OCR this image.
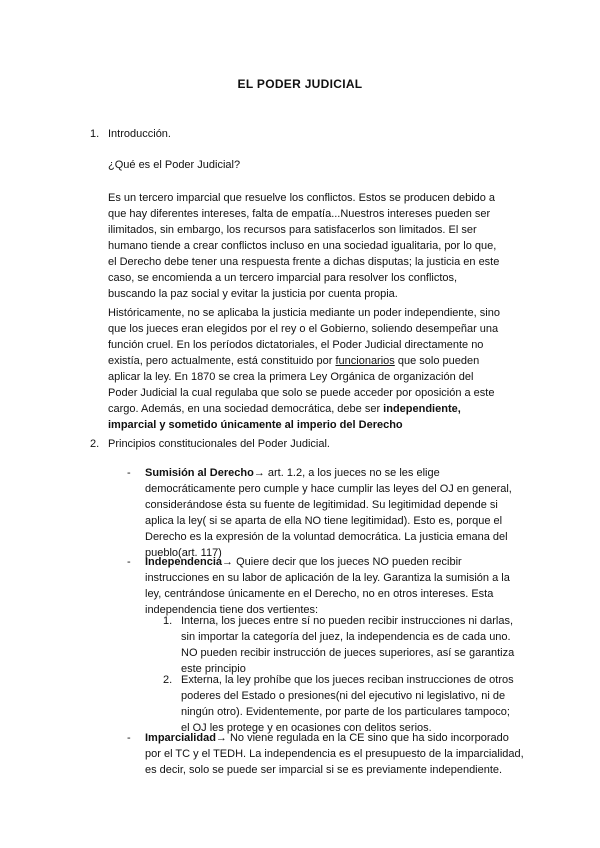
EL PODER JUDICIAL
1. Introducción.
¿Qué es el Poder Judicial?

Es un tercero imparcial que resuelve los conflictos. Estos se producen debido a que hay diferentes intereses, falta de empatía...Nuestros intereses pueden ser ilimitados, sin embargo, los recursos para satisfacerlos son limitados. El ser humano tiende a crear conflictos incluso en una sociedad igualitaria, por lo que, el Derecho debe tener una respuesta frente a dichas disputas; la justicia en este caso, se encomienda a un tercero imparcial para resolver los conflictos, buscando la paz social y evitar la justicia por cuenta propia.

Históricamente, no se aplicaba la justicia mediante un poder independiente, sino que los jueces eran elegidos por el rey o el Gobierno, soliendo desempeñar una función cruel. En los períodos dictatoriales, el Poder Judicial directamente no existía, pero actualmente, está constituido por funcionarios que solo pueden aplicar la ley. En 1870 se crea la primera Ley Orgánica de organización del Poder Judicial la cual regulaba que solo se puede acceder por oposición a este cargo. Además, en una sociedad democrática, debe ser independiente, imparcial y sometido únicamente al imperio del Derecho

2. Principios constitucionales del Poder Judicial.
- Sumisión al Derecho→ art. 1.2, a los jueces no se les elige democráticamente pero cumple y hace cumplir las leyes del OJ en general, considerándose ésta su fuente de legitimidad. Su legitimidad depende si aplica la ley( si se aparta de ella NO tiene legitimidad). Esto es, porque el Derecho es la expresión de la voluntad democrática. La justicia emana del pueblo(art. 117)

- Independencia→ Quiere decir que los jueces NO pueden recibir instrucciones en su labor de aplicación de la ley. Garantiza la sumisión a la ley, centrándose únicamente en el Derecho, no en otros intereses. Esta independencia tiene dos vertientes:

1. Interna, los jueces entre sí no pueden recibir instrucciones ni darlas, sin importar la categoría del juez, la independencia es de cada uno. NO pueden recibir instrucción de jueces superiores, así se garantiza este principio

2. Externa, la ley prohíbe que los jueces reciban instrucciones de otros poderes del Estado o presiones(ni del ejecutivo ni legislativo, ni de ningún otro). Evidentemente, por parte de los particulares tampoco; el OJ les protege y en ocasiones con delitos serios.

- Imparcialidad→ No viene regulada en la CE sino que ha sido incorporado por el TC y el TEDH. La independencia es el presupuesto de la imparcialidad, es decir, solo se puede ser imparcial si se es previamente independiente.
